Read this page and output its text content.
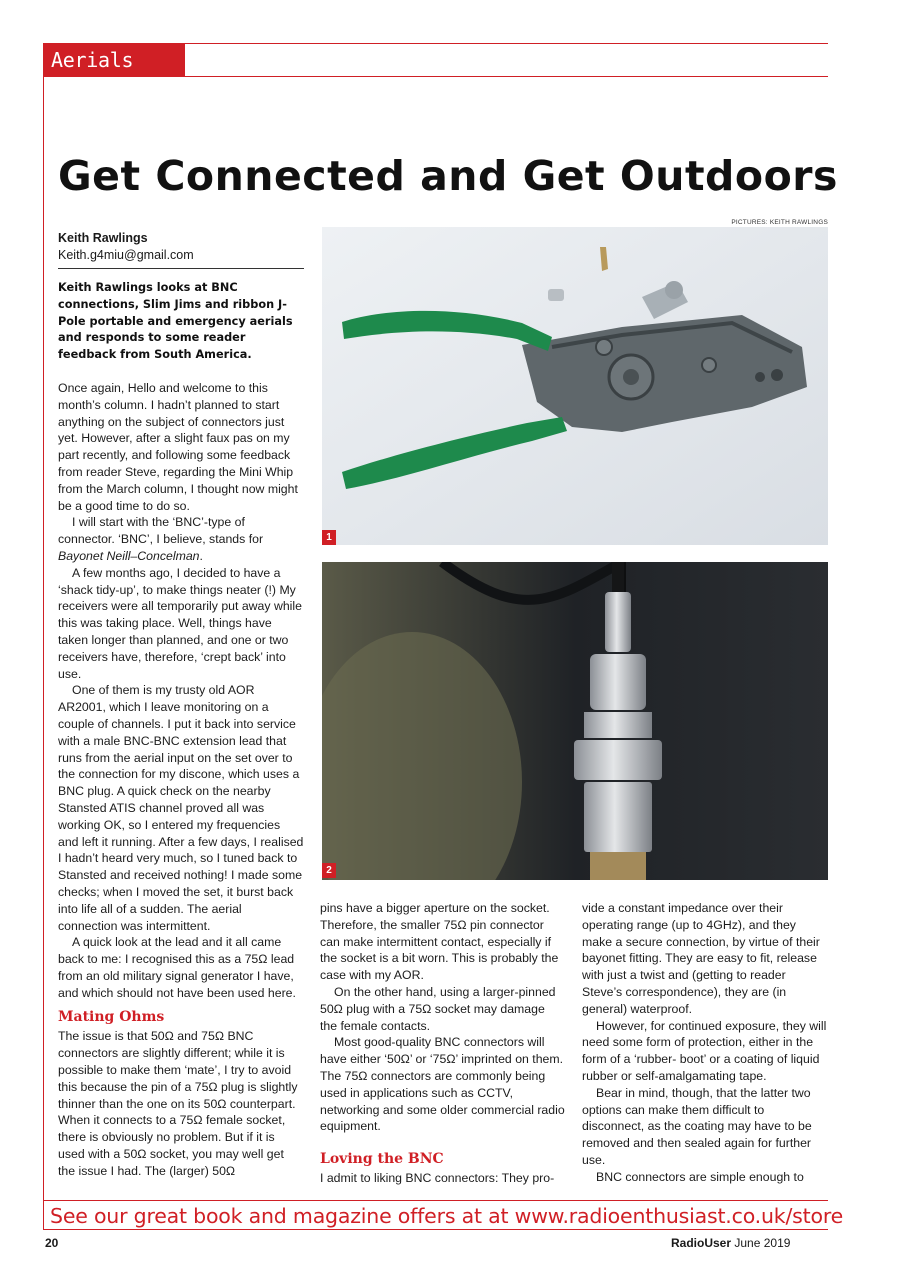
Aerials Now!
Get Connected and Get Outdoors
PICTURES: KEITH RAWLINGS
Keith Rawlings
Keith.g4miu@gmail.com
Keith Rawlings looks at BNC connections, Slim Jims and ribbon J-Pole portable and emergency aerials and responds to some reader feedback from South America.

Once again, Hello and welcome to this month’s column. I hadn’t planned to start anything on the subject of connectors just yet. However, after a slight faux pas on my part recently, and following some feedback from reader Steve, regarding the Mini Whip from the March column, I thought now might be a good time to do so.

I will start with the ‘BNC’-type of connector. ‘BNC’, I believe, stands for Bayonet Neill–Concelman.

A few months ago, I decided to have a ‘shack tidy-up’, to make things neater (!) My receivers were all temporarily put away while this was taking place. Well, things have taken longer than planned, and one or two receivers have, therefore, ‘crept back’ into use.

One of them is my trusty old AOR AR2001, which I leave monitoring on a couple of channels. I put it back into service with a male BNC-BNC extension lead that runs from the aerial input on the set over to the connection for my discone, which uses a BNC plug. A quick check on the nearby Stansted ATIS channel proved all was working OK, so I entered my frequencies and left it running. After a few days, I realised I hadn’t heard very much, so I tuned back to Stansted and received nothing! I made some checks; when I moved the set, it burst back into life all of a sudden. The aerial connection was intermittent.

A quick look at the lead and it all came back to me: I recognised this as a 75Ω lead from an old military signal generator I have, and which should not have been used here.

Mating Ohms

The issue is that 50Ω and 75Ω BNC connectors are slightly different; while it is possible to make them ‘mate’, I try to avoid this because the pin of a 75Ω plug is slightly thinner than the one on its 50Ω counterpart. When it connects to a 75Ω female socket, there is obviously no problem. But if it is used with a 50Ω socket, you may well get the issue I had. The (larger) 50Ω

1
2

pins have a bigger aperture on the socket. Therefore, the smaller 75Ω pin connector can make intermittent contact, especially if the socket is a bit worn. This is probably the case with my AOR.

On the other hand, using a larger-pinned 50Ω plug with a 75Ω socket may damage the female contacts.

Most good-quality BNC connectors will have either ‘50Ω’ or ‘75Ω’ imprinted on them. The 75Ω connectors are commonly being used in applications such as CCTV, networking and some older commercial radio equipment.

Loving the BNC

I admit to liking BNC connectors: They pro-

vide a constant impedance over their operating range (up to 4GHz), and they make a secure connection, by virtue of their bayonet fitting. They are easy to fit, release with just a twist and (getting to reader Steve’s correspondence), they are (in general) waterproof.

However, for continued exposure, they will need some form of protection, either in the form of a ‘rubber- boot’ or a coating of liquid rubber or self-amalgamating tape.

Bear in mind, though, that the latter two options can make them difficult to disconnect, as the coating may have to be removed and then sealed again for further use.

BNC connectors are simple enough to

See our great book and magazine offers at at www.radioenthusiast.co.uk/store
20	RadioUser June 2019
